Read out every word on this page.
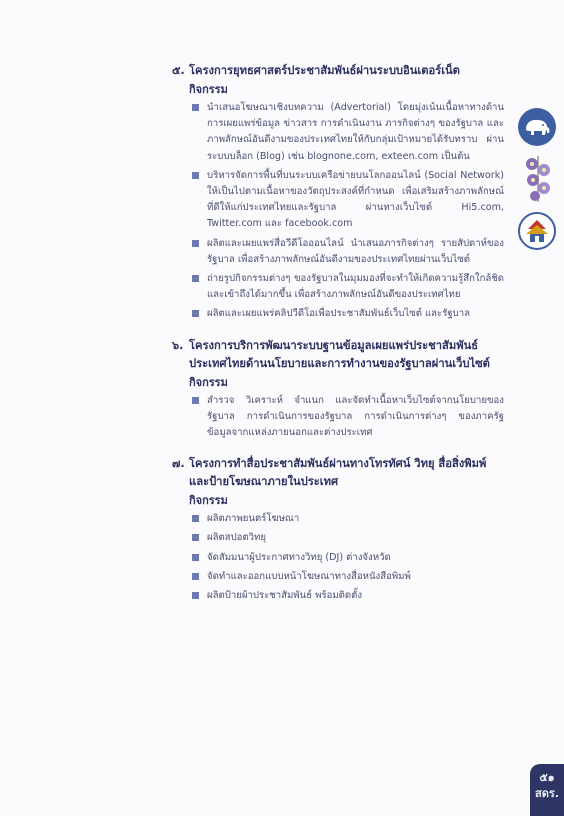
๕. โครงการยุทธศาสตร์ประชาสัมพันธ์ผ่านระบบอินเตอร์เน็ต
กิจกรรม
นำเสนอโฆษณาเชิงบทความ (Advertorial) โดยมุ่งเน้นเนื้อหาทางด้านการเผยแพร่ข้อมูล ข่าวสาร การดำเนินงาน ภารกิจต่างๆ ของรัฐบาล และภาพลักษณ์อันดีงามของประเทศไทยให้กับกลุ่มเป้าหมายได้รับทราบ ผ่านระบบบล็อก (Blog) เช่น blognone.com, exteen.com เป็นต้น
บริหารจัดการพื้นที่บนระบบเครือข่ายบนโลกออนไลน์ (Social Network) ให้เป็นไปตามเนื้อหาของวัตถุประสงค์ที่กำหนด เพื่อเสริมสร้างภาพลักษณ์ที่ดีให้แก่ประเทศไทยและรัฐบาล ผ่านทางเว็บไซต์ Hi5.com, Twitter.com และ facebook.com
ผลิตและเผยแพร่สื่อวีดีโอออนไลน์ นำเสนอภารกิจต่างๆ รายสัปดาห์ของรัฐบาล เพื่อสร้างภาพลักษณ์อันดีงามของประเทศไทยผ่านเว็บไซต์
ถ่ายรูปกิจกรรมต่างๆ ของรัฐบาลในมุมมองที่จะทำให้เกิดความรู้สึกใกล้ชิด และเข้าถึงได้มากขึ้น เพื่อสร้างภาพลักษณ์อันดีของประเทศไทย
ผลิตและเผยแพร่คลิปวีดีโอเพื่อประชาสัมพันธ์เว็บไซต์ และรัฐบาล
๖. โครงการบริการพัฒนาระบบฐานข้อมูลเผยแพร่ประชาสัมพันธ์ประเทศไทยด้านนโยบายและการทำงานของรัฐบาลผ่านเว็บไซต์
กิจกรรม
สำรวจ วิเคราะห์ จำแนก และจัดทำเนื้อหาเว็บไซต์จากนโยบายของรัฐบาล การดำเนินการของรัฐบาล การดำเนินการต่างๆ ของภาครัฐ ข้อมูลจากแหล่งภายนอกและต่างประเทศ
๗. โครงการทำสื่อประชาสัมพันธ์ผ่านทางโทรทัศน์ วิทยุ สื่อสิ่งพิมพ์ และป้ายโฆษณาภายในประเทศ
กิจกรรม
ผลิตภาพยนตร์โฆษณา
ผลิตสปอตวิทยุ
จัดสัมมนาผู้ประกาศทางวิทยุ (DJ) ต่างจังหวัด
จัดทำและออกแบบหน้าโฆษณาทางสื่อหนังสือพิมพ์
ผลิตป้ายผ้าประชาสัมพันธ์ พร้อมติดตั้ง
๕๑
สดร.
